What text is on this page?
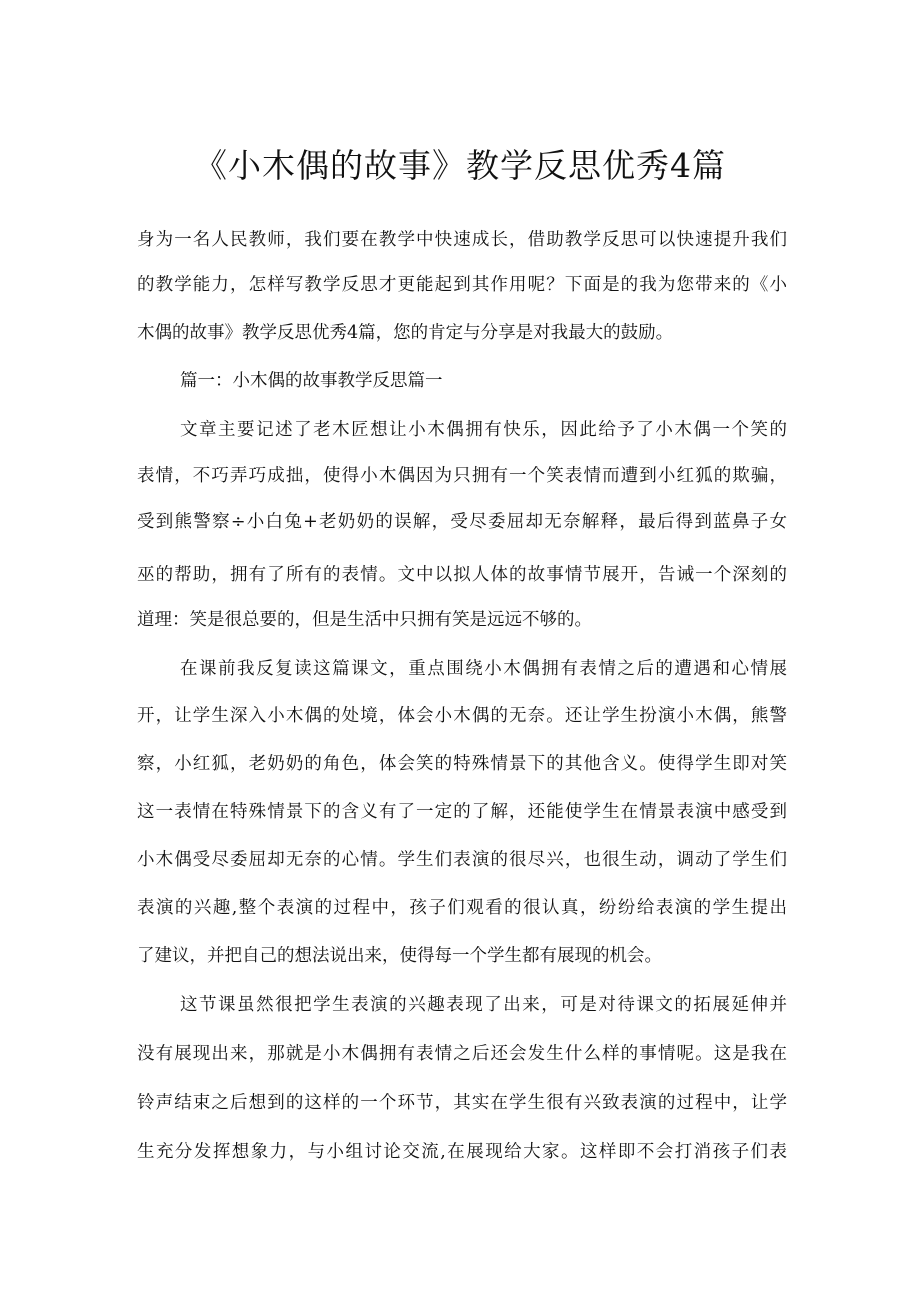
《小木偶的故事》教学反思优秀4篇

身为一名人民教师，我们要在教学中快速成长，借助教学反思可以快速提升我们

的教学能力，怎样写教学反思才更能起到其作用呢？下面是的我为您带来的《小

木偶的故事》教学反思优秀4篇，您的肯定与分享是对我最大的鼓励。

篇一：小木偶的故事教学反思篇一

文章主要记述了老木匠想让小木偶拥有快乐，因此给予了小木偶一个笑的

表情，不巧弄巧成拙，使得小木偶因为只拥有一个笑表情而遭到小红狐的欺骗，

受到熊警察÷小白兔+老奶奶的误解，受尽委屈却无奈解释，最后得到蓝鼻子女

巫的帮助，拥有了所有的表情。文中以拟人体的故事情节展开，告诫一个深刻的

道理：笑是很总要的，但是生活中只拥有笑是远远不够的。

在课前我反复读这篇课文，重点围绕小木偶拥有表情之后的遭遇和心情展

开，让学生深入小木偶的处境，体会小木偶的无奈。还让学生扮演小木偶，熊警

察，小红狐，老奶奶的角色，体会笑的特殊情景下的其他含义。使得学生即对笑

这一表情在特殊情景下的含义有了一定的了解，还能使学生在情景表演中感受到

小木偶受尽委屈却无奈的心情。学生们表演的很尽兴，也很生动，调动了学生们

表演的兴趣,整个表演的过程中，孩子们观看的很认真，纷纷给表演的学生提出

了建议，并把自己的想法说出来，使得每一个学生都有展现的机会。

这节课虽然很把学生表演的兴趣表现了出来，可是对待课文的拓展延伸并

没有展现出来，那就是小木偶拥有表情之后还会发生什么样的事情呢。这是我在

铃声结束之后想到的这样的一个环节，其实在学生很有兴致表演的过程中，让学

生充分发挥想象力，与小组讨论交流,在展现给大家。这样即不会打消孩子们表
